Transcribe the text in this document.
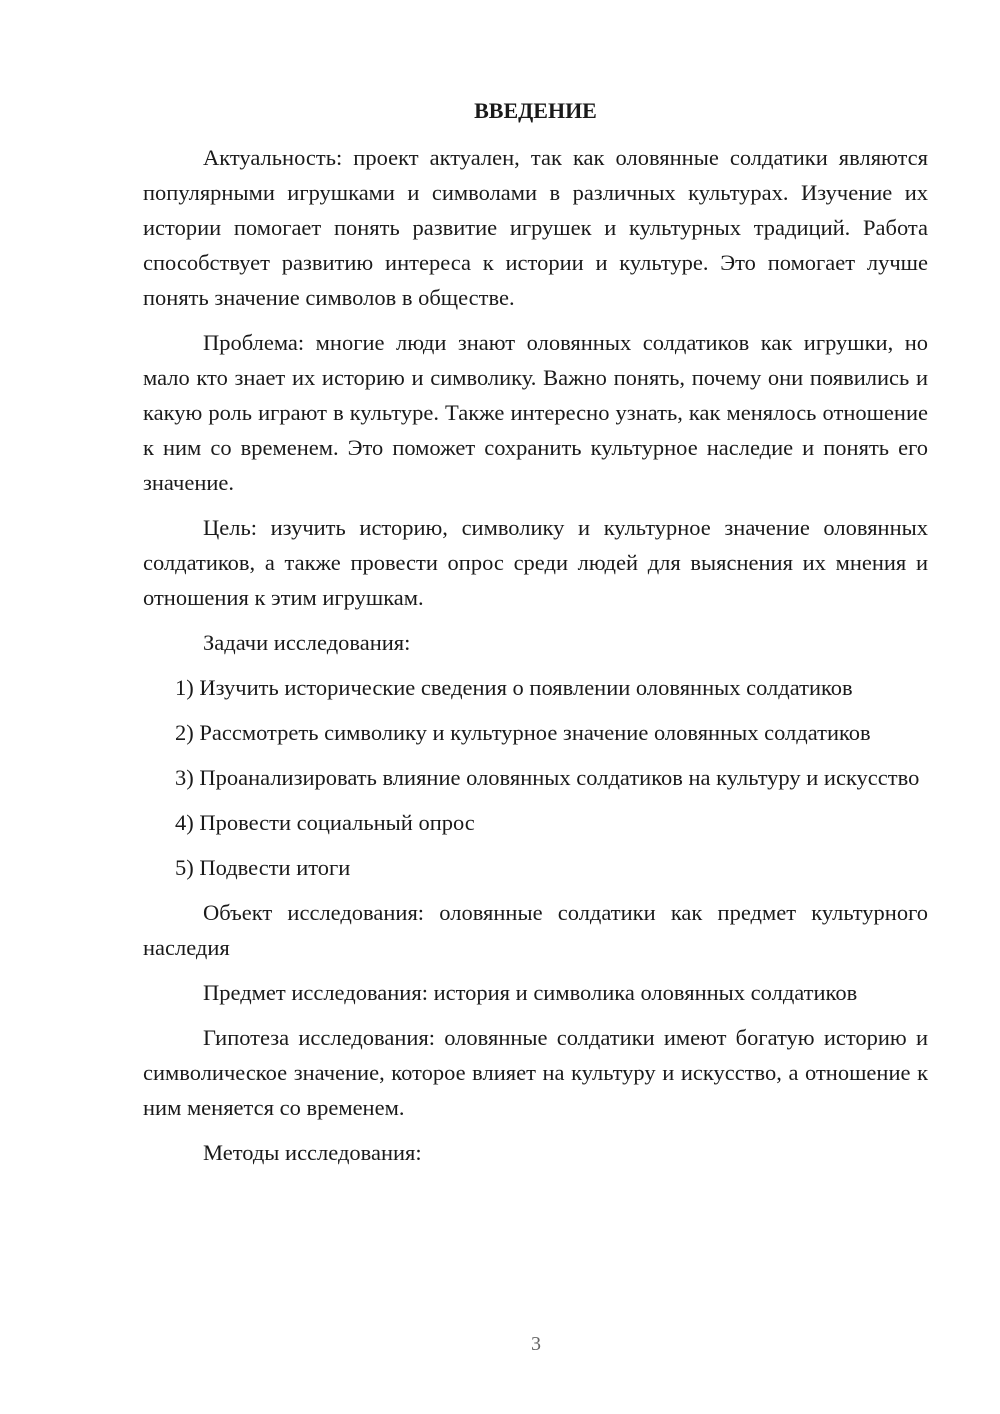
ВВЕДЕНИЕ
Актуальность: проект актуален, так как оловянные солдатики являются популярными игрушками и символами в различных культурах. Изучение их истории помогает понять развитие игрушек и культурных традиций. Работа способствует развитию интереса к истории и культуре. Это помогает лучше понять значение символов в обществе.
Проблема: многие люди знают оловянных солдатиков как игрушки, но мало кто знает их историю и символику. Важно понять, почему они появились и какую роль играют в культуре. Также интересно узнать, как менялось отношение к ним со временем. Это поможет сохранить культурное наследие и понять его значение.
Цель: изучить историю, символику и культурное значение оловянных солдатиков, а также провести опрос среди людей для выяснения их мнения и отношения к этим игрушкам.
Задачи исследования:
1) Изучить исторические сведения о появлении оловянных солдатиков
2) Рассмотреть символику и культурное значение оловянных солдатиков
3) Проанализировать влияние оловянных солдатиков на культуру и искусство
4) Провести социальный опрос
5) Подвести итоги
Объект исследования: оловянные солдатики как предмет культурного наследия
Предмет исследования: история и символика оловянных солдатиков
Гипотеза исследования: оловянные солдатики имеют богатую историю и символическое значение, которое влияет на культуру и искусство, а отношение к ним меняется со временем.
Методы исследования:
3
